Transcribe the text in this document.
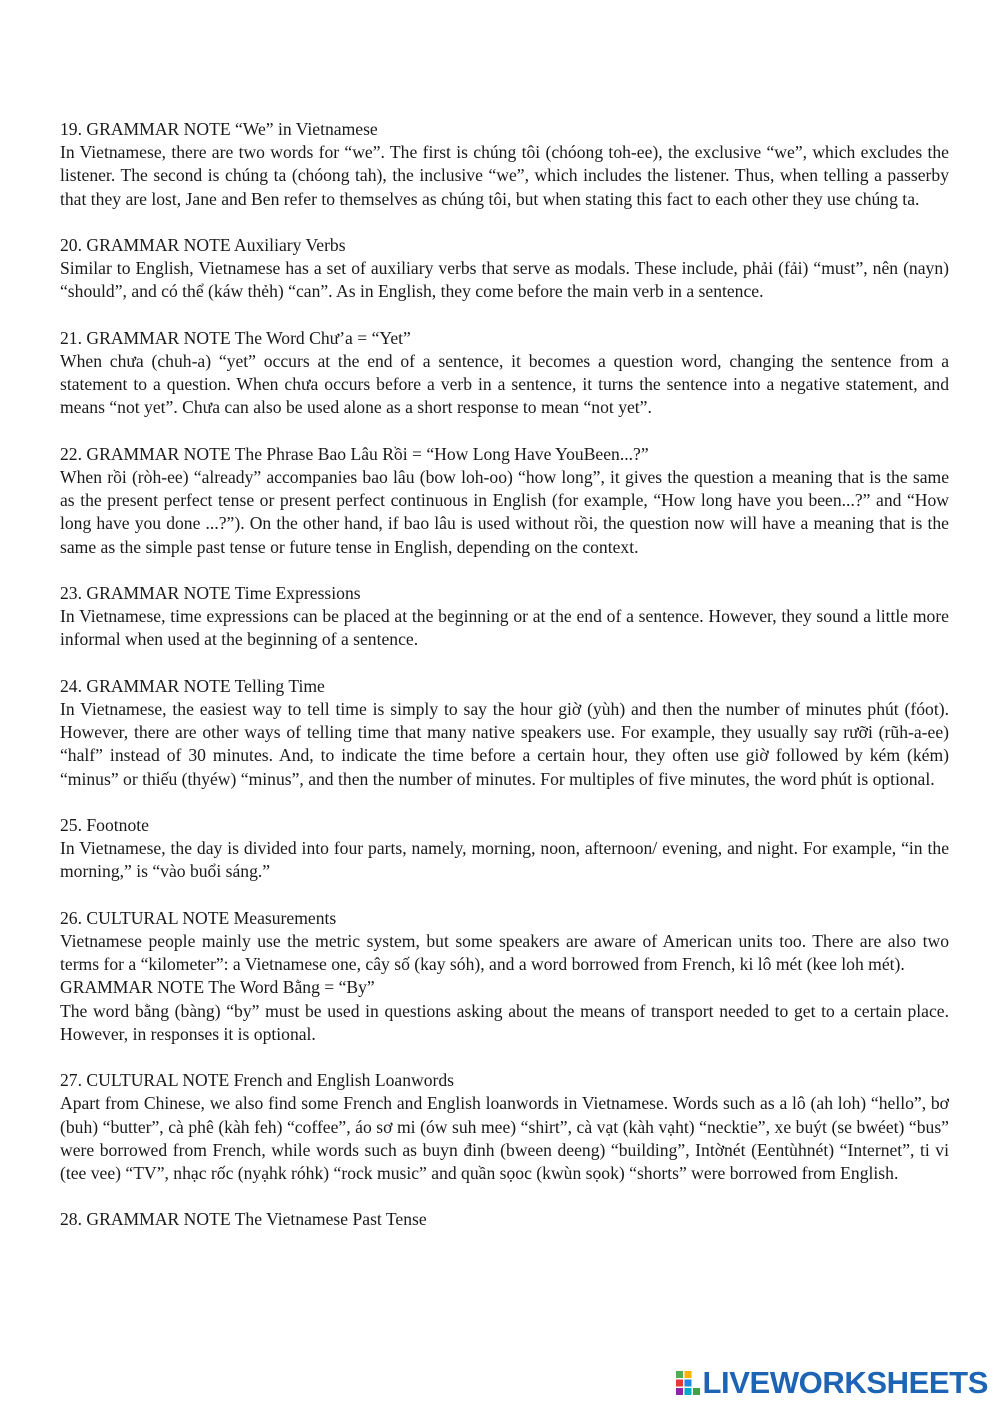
19. GRAMMAR NOTE “We” in Vietnamese
In Vietnamese, there are two words for “we”. The first is chúng tôi (chóong toh-ee), the exclusive “we”, which excludes the listener. The second is chúng ta (chóong tah), the inclusive “we”, which includes the listener. Thus, when telling a passerby that they are lost, Jane and Ben refer to themselves as chúng tôi, but when stating this fact to each other they use chúng ta.
20. GRAMMAR NOTE Auxiliary Verbs
Similar to English, Vietnamese has a set of auxiliary verbs that serve as modals. These include, phải (fải) “must”, nên (nayn) “should”, and có thể (káw thẻh) “can”. As in English, they come before the main verb in a sentence.
21. GRAMMAR NOTE The Word Chư’a = “Yet”
When chưa (chuh-a) “yet” occurs at the end of a sentence, it becomes a question word, changing the sentence from a statement to a question. When chưa occurs before a verb in a sentence, it turns the sentence into a negative statement, and means “not yet”. Chưa can also be used alone as a short response to mean “not yet”.
22. GRAMMAR NOTE The Phrase Bao Lâu Rồi = “How Long Have YouBeen...?”
When rồi (ròh-ee) “already” accompanies bao lâu (bow loh-oo) “how long”, it gives the question a meaning that is the same as the present perfect tense or present perfect continuous in English (for example, “How long have you been...?” and “How long have you done ...?”). On the other hand, if bao lâu is used without rồi, the question now will have a meaning that is the same as the simple past tense or future tense in English, depending on the context.
23. GRAMMAR NOTE Time Expressions
In Vietnamese, time expressions can be placed at the beginning or at the end of a sentence. However, they sound a little more informal when used at the beginning of a sentence.
24. GRAMMAR NOTE Telling Time
In Vietnamese, the easiest way to tell time is simply to say the hour giờ (yùh) and then the number of minutes phút (fóot). However, there are other ways of telling time that many native speakers use. For example, they usually say rưỡi (rũh-a-ee) “half” instead of 30 minutes. And, to indicate the time before a certain hour, they often use giờ followed by kém (kém) “minus” or thiếu (thyéw) “minus”, and then the number of minutes. For multiples of five minutes, the word phút is optional.
25. Footnote
In Vietnamese, the day is divided into four parts, namely, morning, noon, afternoon/ evening, and night. For example, “in the morning,” is “vào buổi sáng.”
26. CULTURAL NOTE Measurements
Vietnamese people mainly use the metric system, but some speakers are aware of American units too. There are also two terms for a “kilometer”: a Vietnamese one, cây số (kay sóh), and a word borrowed from French, ki lô mét (kee loh mét).
GRAMMAR NOTE The Word Bằng = “By”
The word bằng (bàng) “by” must be used in questions asking about the means of transport needed to get to a certain place. However, in responses it is optional.
27. CULTURAL NOTE French and English Loanwords
Apart from Chinese, we also find some French and English loanwords in Vietnamese. Words such as a lô (ah loh) “hello”, bơ (buh) “butter”, cà phê (kàh feh) “coffee”, áo sơ mi (ów suh mee) “shirt”, cà vạt (kàh vạht) “necktie”, xe buýt (se bwéet) “bus” were borrowed from French, while words such as buyn đinh (bween deeng) “building”, Intờnét (Eentùhnét) “Internet”, ti vi (tee vee) “TV”, nhạc rốc (nyạhk róhk) “rock music” and quần sọoc (kwùn sọok) “shorts” were borrowed from English.
28. GRAMMAR NOTE The Vietnamese Past Tense
LIVEWORKSHEETS
